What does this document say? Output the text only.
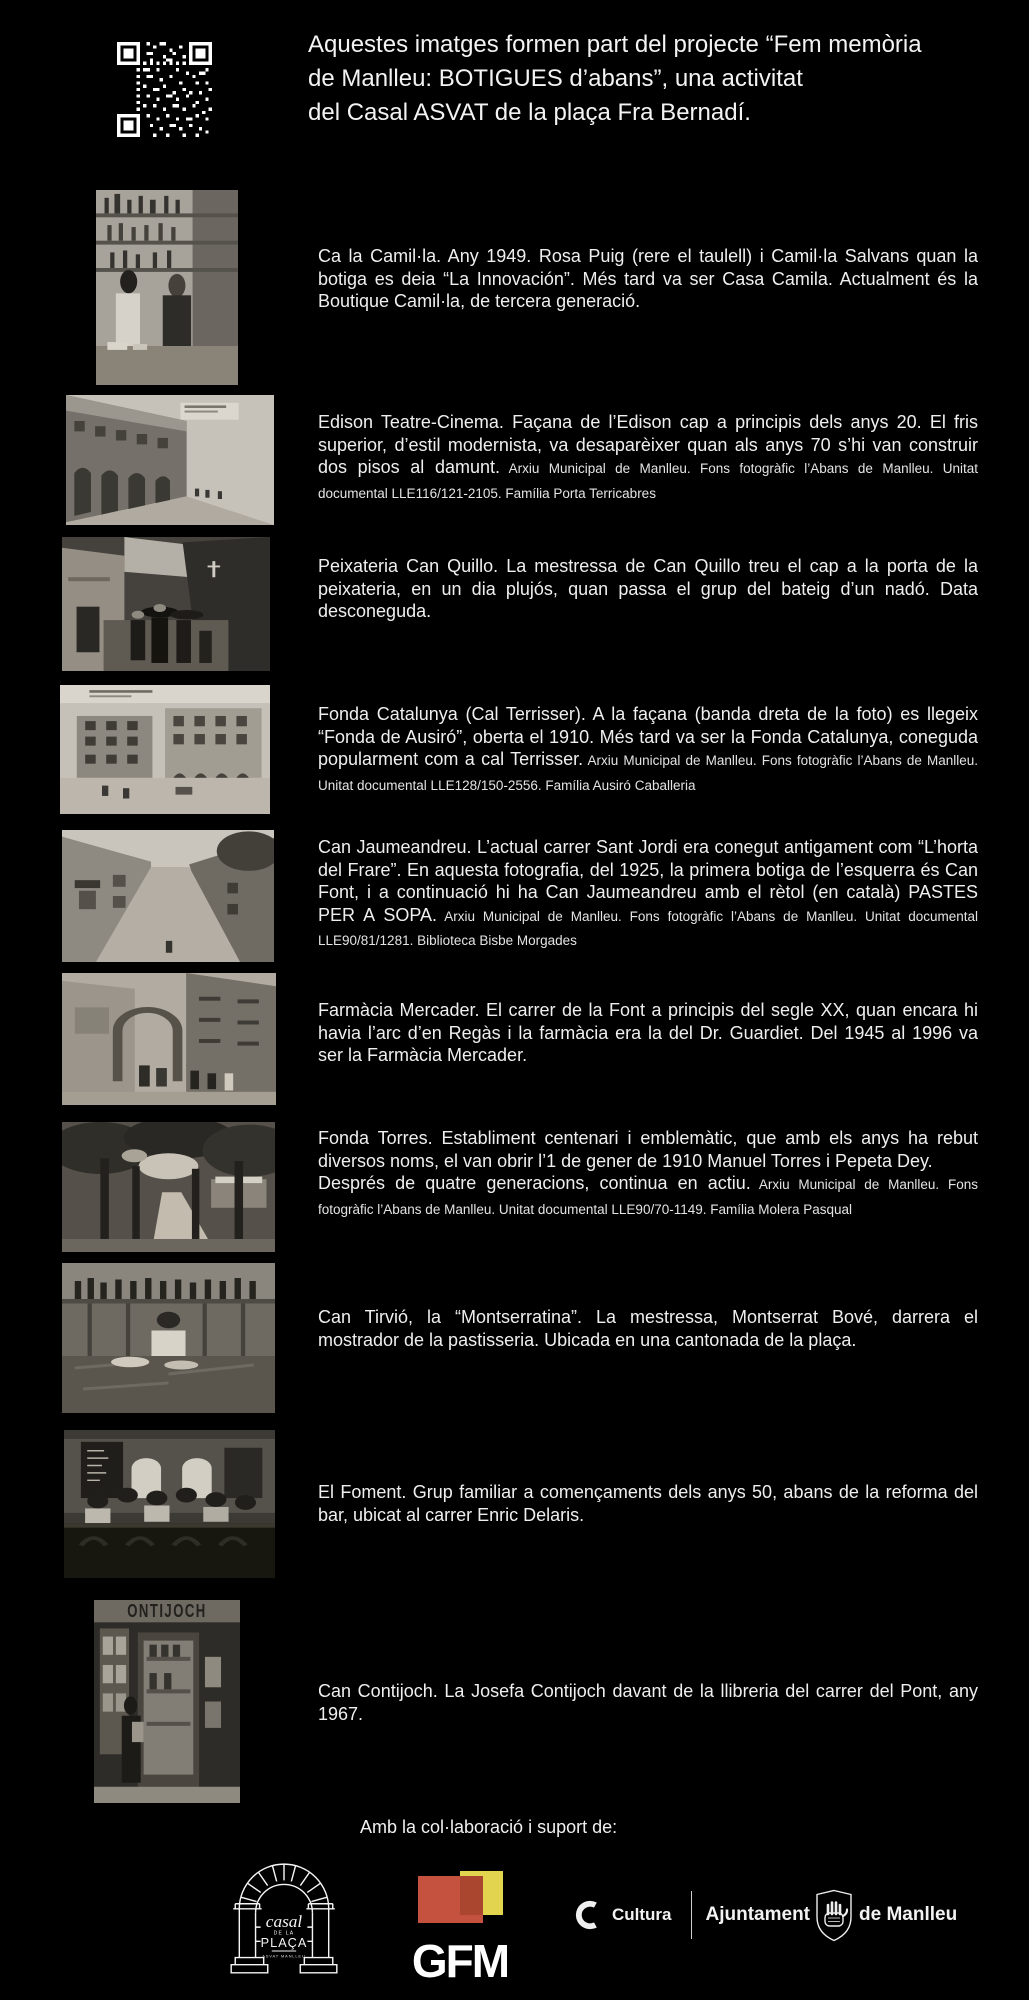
Aquestes imatges formen part del projecte “Fem memòria
de Manlleu: BOTIGUES d’abans”, una activitat
del Casal ASVAT de la plaça Fra Bernadí.
Ca la Camil·la. Any 1949. Rosa Puig (rere el taulell) i Camil·la Salvans quan la botiga es deia “La Innovación”. Més tard va ser Casa Camila. Actualment és la Boutique Camil·la, de tercera generació.
Edison Teatre-Cinema. Façana de l’Edison cap a principis dels anys 20. El fris superior, d’estil modernista, va desaparèixer quan als anys 70 s’hi van construir dos pisos al damunt. Arxiu Municipal de Manlleu. Fons fotogràfic l’Abans de Manlleu. Unitat documental LLE116/121-2105. Família Porta Terricabres
Peixateria Can Quillo. La mestressa de Can Quillo treu el cap a la porta de la peixateria, en un dia plujós, quan passa el grup del bateig d’un nadó. Data desconeguda.
Fonda Catalunya (Cal Terrisser). A la façana (banda dreta de la foto) es llegeix “Fonda de Ausiró”, oberta el 1910. Més tard va ser la Fonda Catalunya, coneguda popularment com a cal Terrisser. Arxiu Municipal de Manlleu. Fons fotogràfic l’Abans de Manlleu. Unitat documental LLE128/150-2556. Família Ausiró Caballeria
Can Jaumeandreu. L’actual carrer Sant Jordi era conegut antigament com “L’horta del Frare”. En aquesta fotografia, del 1925, la primera botiga de l’esquerra és Can Font, i a continuació hi ha Can Jaumeandreu amb el rètol (en català) PASTES PER A SOPA. Arxiu Municipal de Manlleu. Fons fotogràfic l’Abans de Manlleu. Unitat documental LLE90/81/1281. Biblioteca Bisbe Morgades
Farmàcia Mercader. El carrer de la Font a principis del segle XX, quan encara hi havia l’arc d’en Regàs i la farmàcia era la del Dr. Guardiet. Del 1945 al 1996 va ser la Farmàcia Mercader.
Fonda Torres. Establiment centenari i emblemàtic, que amb els anys ha rebut diversos noms, el van obrir l’1 de gener de 1910 Manuel Torres i Pepeta Dey.
Després de quatre generacions, continua en actiu. Arxiu Municipal de Manlleu. Fons fotogràfic l’Abans de Manlleu. Unitat documental LLE90/70-1149. Família Molera Pasqual
Can Tirvió, la “Montserratina”. La mestressa, Montserrat Bové, darrera el mostrador de la pastisseria. Ubicada en una cantonada de la plaça.
El Foment. Grup familiar a començaments dels anys 50, abans de la reforma del bar, ubicat al carrer Enric Delaris.
ONTIJOCH
Can Contijoch. La Josefa Contijoch davant de la llibreria del carrer del Pont, any 1967.
Amb la col·laboració i suport de:
casal
DE LA
PLAÇA
ASVAT MANLLEU GFM
Cultura Ajuntament	de Manlleu
